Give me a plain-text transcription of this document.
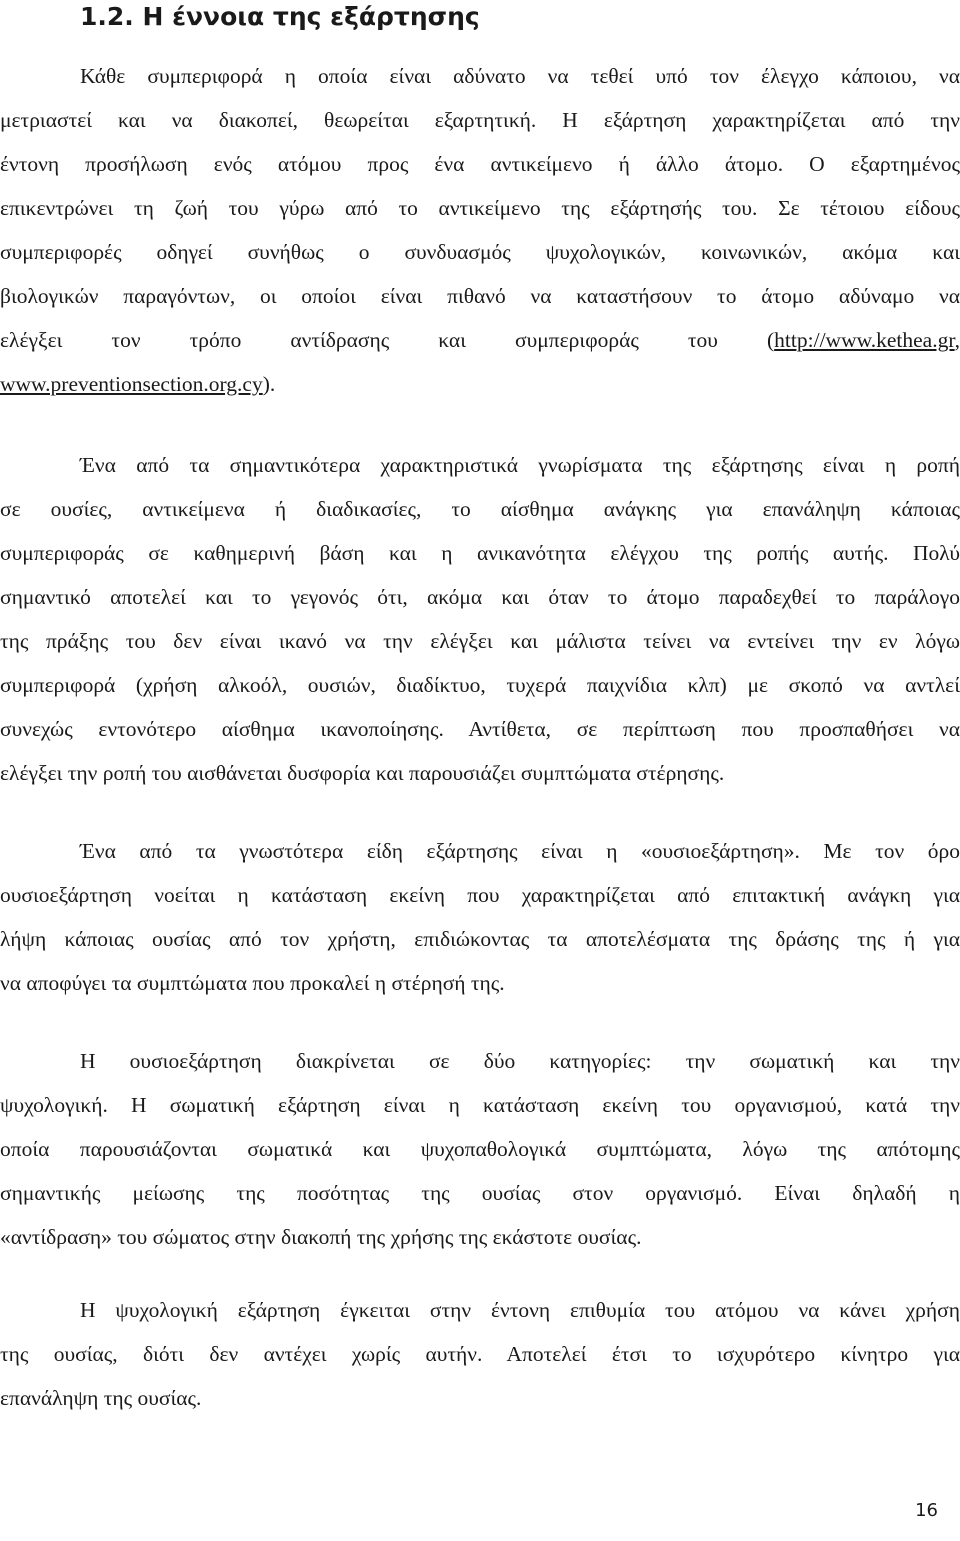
1.2. Η έννοια της εξάρτησης
Κάθε συμπεριφορά η οποία είναι αδύνατο να τεθεί υπό τον έλεγχο κάποιου, να
μετριαστεί και να διακοπεί, θεωρείται εξαρτητική. Η εξάρτηση χαρακτηρίζεται από την
έντονη προσήλωση ενός ατόμου προς ένα αντικείμενο ή άλλο άτομο. Ο εξαρτημένος
επικεντρώνει τη ζωή του γύρω από το αντικείμενο της εξάρτησής του. Σε τέτοιου είδους
συμπεριφορές οδηγεί συνήθως ο συνδυασμός ψυχολογικών, κοινωνικών, ακόμα και
βιολογικών παραγόντων, οι οποίοι είναι πιθανό να καταστήσουν το άτομο αδύναμο να
ελέγξει τον τρόπο αντίδρασης και συμπεριφοράς του (http://www.kethea.gr,
www.preventionsection.org.cy).
Ένα από τα σημαντικότερα χαρακτηριστικά γνωρίσματα της εξάρτησης είναι η ροπή
σε ουσίες, αντικείμενα ή διαδικασίες, το αίσθημα ανάγκης για επανάληψη κάποιας
συμπεριφοράς σε καθημερινή βάση και η ανικανότητα ελέγχου της ροπής αυτής. Πολύ
σημαντικό αποτελεί και το γεγονός ότι, ακόμα και όταν το άτομο παραδεχθεί το παράλογο
της πράξης του δεν είναι ικανό να την ελέγξει και μάλιστα τείνει να εντείνει την εν λόγω
συμπεριφορά (χρήση αλκοόλ, ουσιών, διαδίκτυο, τυχερά παιχνίδια κλπ) με σκοπό να αντλεί
συνεχώς εντονότερο αίσθημα ικανοποίησης. Αντίθετα, σε περίπτωση που προσπαθήσει να
ελέγξει την ροπή του αισθάνεται δυσφορία και παρουσιάζει συμπτώματα στέρησης.
Ένα από τα γνωστότερα είδη εξάρτησης είναι η «ουσιοεξάρτηση». Με τον όρο
ουσιοεξάρτηση νοείται η κατάσταση εκείνη που χαρακτηρίζεται από επιτακτική ανάγκη για
λήψη κάποιας ουσίας από τον χρήστη, επιδιώκοντας τα αποτελέσματα της δράσης της ή για
να αποφύγει τα συμπτώματα που προκαλεί η στέρησή της.
Η ουσιοεξάρτηση διακρίνεται σε δύο κατηγορίες: την σωματική και την
ψυχολογική. Η σωματική εξάρτηση είναι η κατάσταση εκείνη του οργανισμού, κατά την
οποία παρουσιάζονται σωματικά και ψυχοπαθολογικά συμπτώματα, λόγω της απότομης
σημαντικής μείωσης της ποσότητας της ουσίας στον οργανισμό. Είναι δηλαδή η
«αντίδραση» του σώματος στην διακοπή της χρήσης της εκάστοτε ουσίας.
Η ψυχολογική εξάρτηση έγκειται στην έντονη επιθυμία του ατόμου να κάνει χρήση
της ουσίας, διότι δεν αντέχει χωρίς αυτήν. Αποτελεί έτσι το ισχυρότερο κίνητρο για
επανάληψη της ουσίας.
16
